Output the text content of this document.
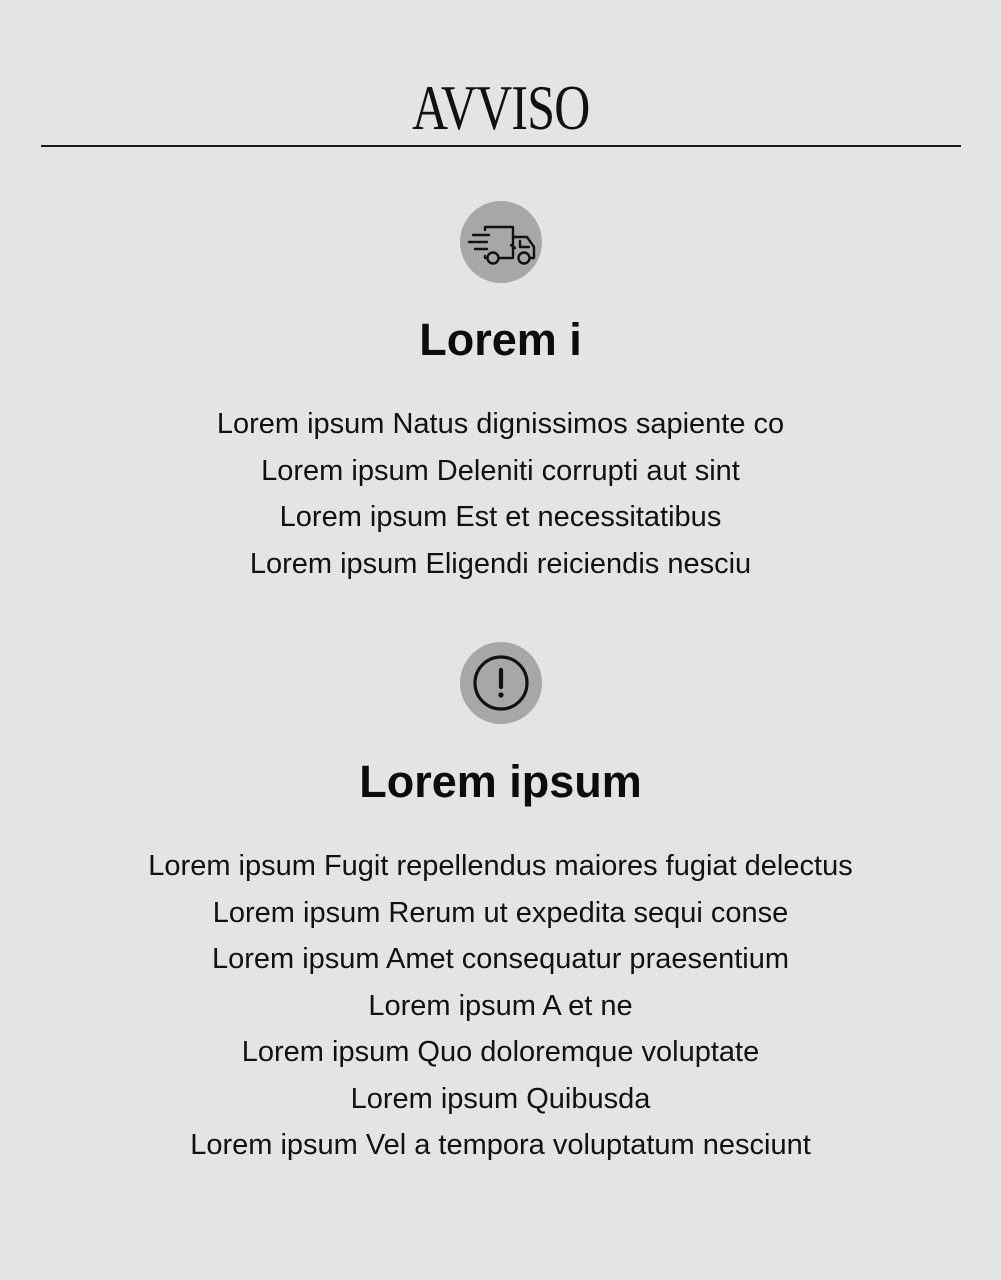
AVVISO
Lorem i
Lorem ipsum Natus dignissimos sapiente co
Lorem ipsum Deleniti corrupti aut sint
Lorem ipsum Est et necessitatibus
Lorem ipsum Eligendi reiciendis nesciu
Lorem ipsum
Lorem ipsum Fugit repellendus maiores fugiat delectus
Lorem ipsum Rerum ut expedita sequi conse
Lorem ipsum Amet consequatur praesentium
Lorem ipsum A et ne
Lorem ipsum Quo doloremque voluptate
Lorem ipsum Quibusda
Lorem ipsum Vel a tempora voluptatum nesciunt
